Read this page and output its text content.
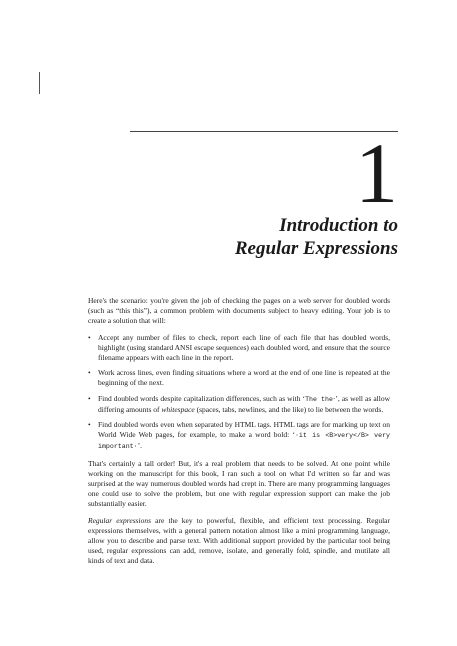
1
Introduction to
Regular Expressions

Here's the scenario: you're given the job of checking the pages on a web server for doubled words (such as “this this”), a common problem with documents subject to heavy editing. Your job is to create a solution that will:

• Accept any number of files to check, report each line of each file that has doubled words, highlight (using standard ANSI escape sequences) each doubled word, and ensure that the source filename appears with each line in the report.
• Work across lines, even finding situations where a word at the end of one line is repeated at the beginning of the next.
• Find doubled words despite capitalization differences, such as with ‘The the·’, as well as allow differing amounts of whitespace (spaces, tabs, newlines, and the like) to lie between the words.
• Find doubled words even when separated by HTML tags. HTML tags are for marking up text on World Wide Web pages, for example, to make a word bold: ‘·it is <B>very</B> very important·’.

That's certainly a tall order! But, it's a real problem that needs to be solved. At one point while working on the manuscript for this book, I ran such a tool on what I'd written so far and was surprised at the way numerous doubled words had crept in. There are many programming languages one could use to solve the problem, but one with regular expression support can make the job substantially easier.

Regular expressions are the key to powerful, flexible, and efficient text processing. Regular expressions themselves, with a general pattern notation almost like a mini programming language, allow you to describe and parse text. With additional support provided by the particular tool being used, regular expressions can add, remove, isolate, and generally fold, spindle, and mutilate all kinds of text and data.
